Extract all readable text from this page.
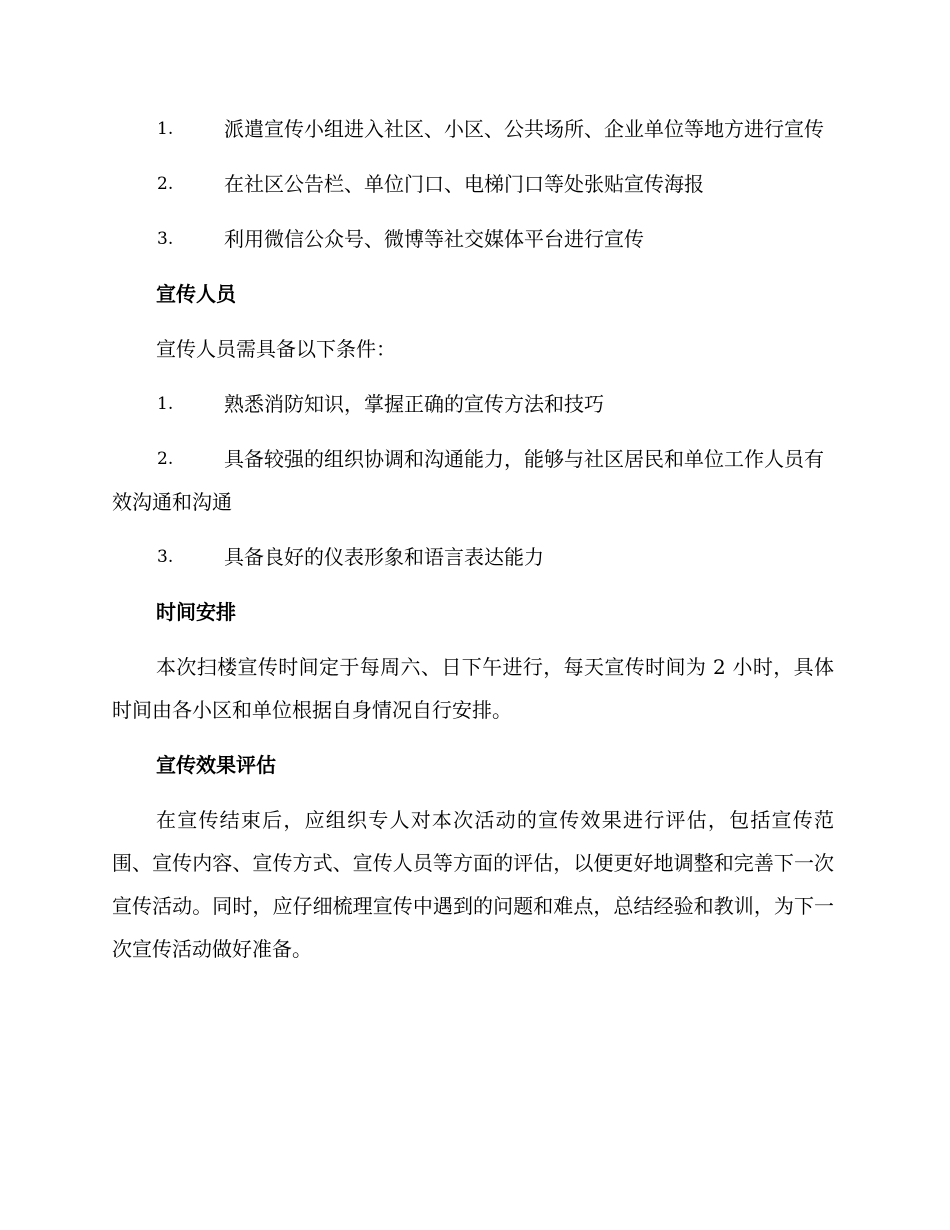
1.	派遣宣传小组进入社区、小区、公共场所、企业单位等地方进行宣传
2.	在社区公告栏、单位门口、电梯门口等处张贴宣传海报
3.	利用微信公众号、微博等社交媒体平台进行宣传
宣传人员
宣传人员需具备以下条件：
1.	熟悉消防知识，掌握正确的宣传方法和技巧
2.	具备较强的组织协调和沟通能力，能够与社区居民和单位工作人员有效沟通和沟通
3.	具备良好的仪表形象和语言表达能力
时间安排
本次扫楼宣传时间定于每周六、日下午进行，每天宣传时间为 2 小时，具体时间由各小区和单位根据自身情况自行安排。
宣传效果评估
在宣传结束后，应组织专人对本次活动的宣传效果进行评估，包括宣传范围、宣传内容、宣传方式、宣传人员等方面的评估，以便更好地调整和完善下一次宣传活动。同时，应仔细梳理宣传中遇到的问题和难点，总结经验和教训，为下一次宣传活动做好准备。
